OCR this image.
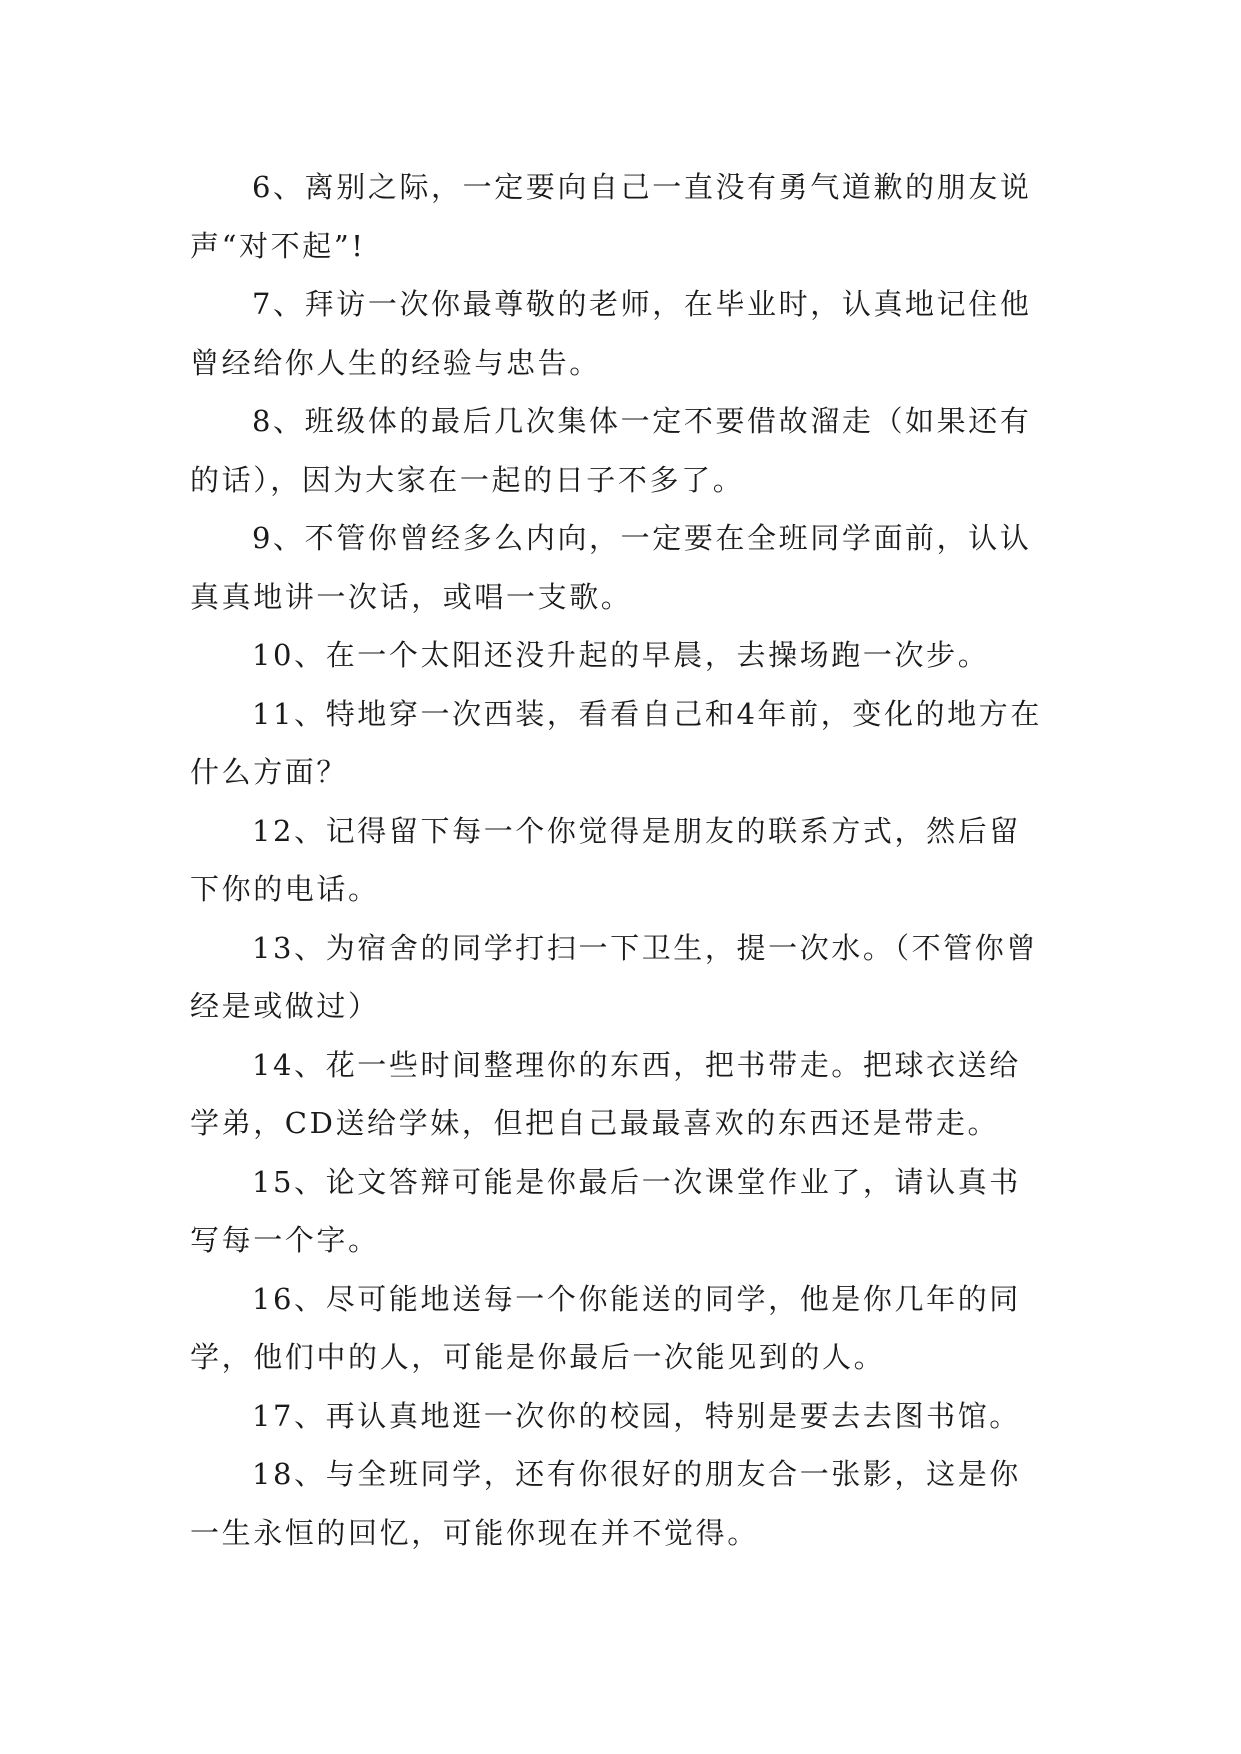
6、离别之际，一定要向自己一直没有勇气道歉的朋友说声“对不起”!

7、拜访一次你最尊敬的老师，在毕业时，认真地记住他曾经给你人生的经验与忠告。

8、班级体的最后几次集体一定不要借故溜走（如果还有的话），因为大家在一起的日子不多了。

9、不管你曾经多么内向，一定要在全班同学面前，认认真真地讲一次话，或唱一支歌。

10、在一个太阳还没升起的早晨，去操场跑一次步。

11、特地穿一次西装，看看自己和4年前，变化的地方在什么方面？

12、记得留下每一个你觉得是朋友的联系方式，然后留下你的电话。

13、为宿舍的同学打扫一下卫生，提一次水。（不管你曾经是或做过）

14、花一些时间整理你的东西，把书带走。把球衣送给学弟，CD送给学妹，但把自己最最喜欢的东西还是带走。

15、论文答辩可能是你最后一次课堂作业了，请认真书写每一个字。

16、尽可能地送每一个你能送的同学，他是你几年的同学，他们中的人，可能是你最后一次能见到的人。

17、再认真地逛一次你的校园，特别是要去去图书馆。

18、与全班同学，还有你很好的朋友合一张影，这是你一生永恒的回忆，可能你现在并不觉得。
